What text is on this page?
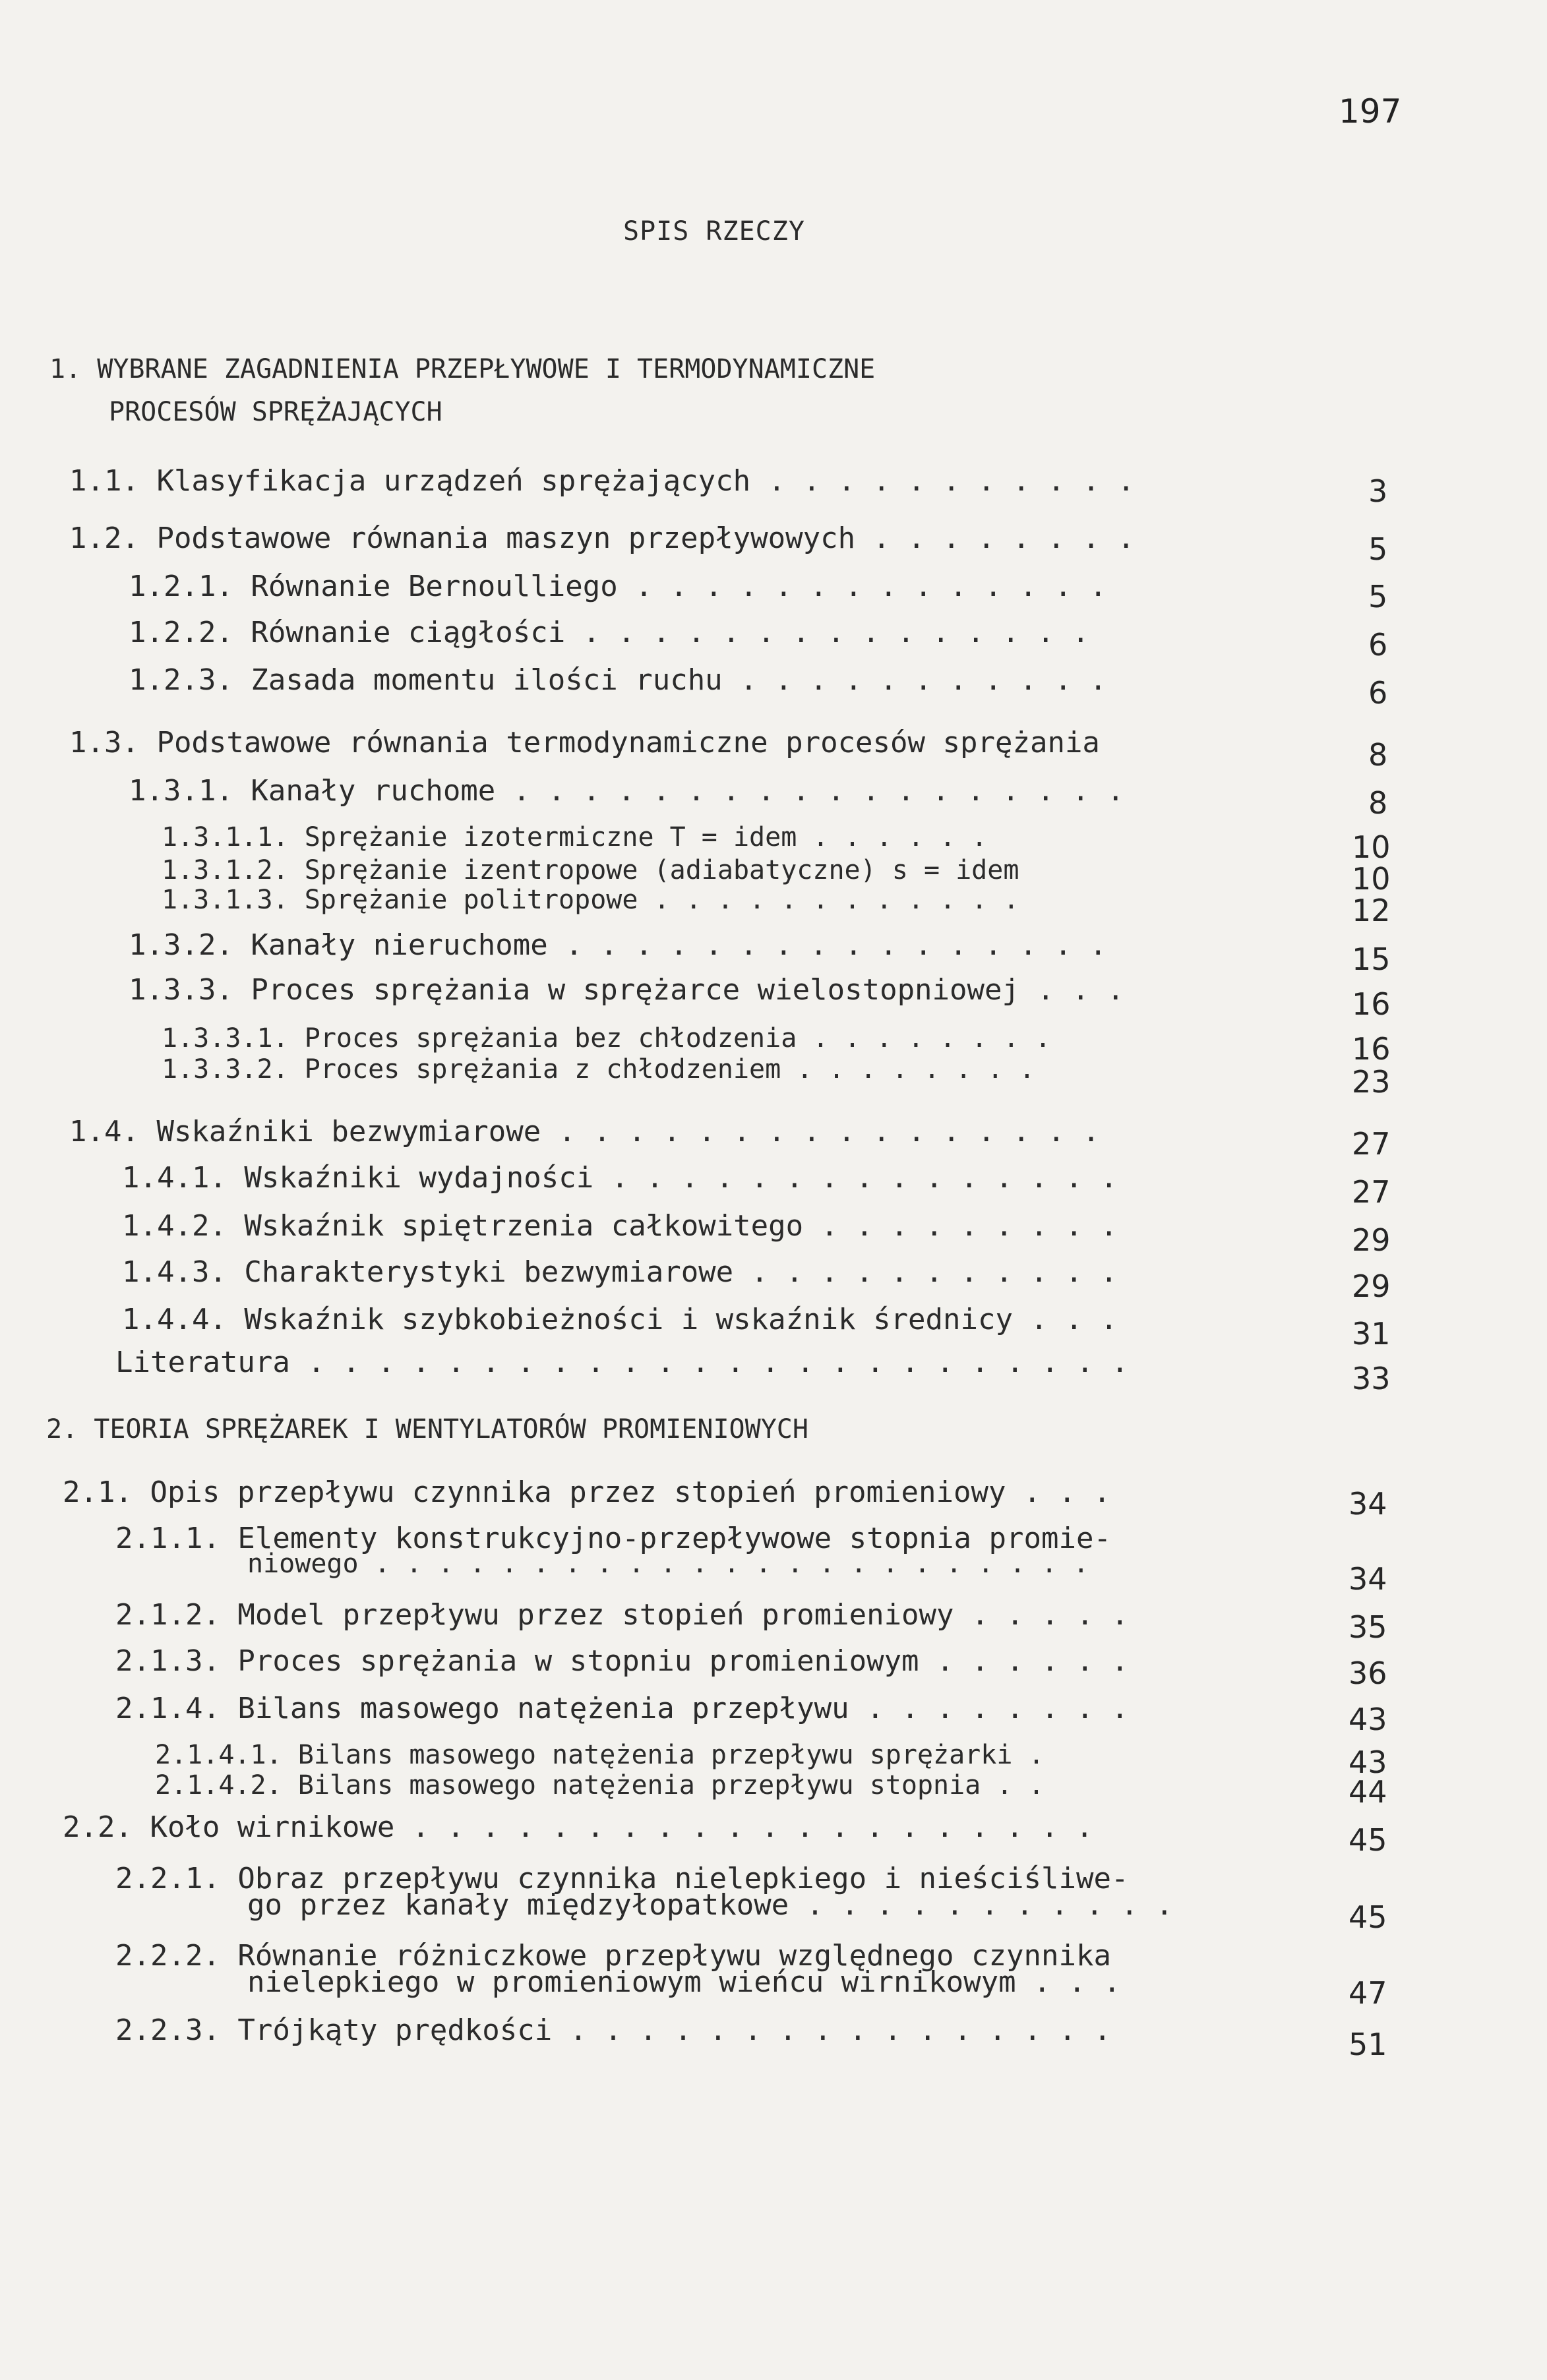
197
SPIS RZECZY
1. WYBRANE ZAGADNIENIA PRZEPŁYWOWE I TERMODYNAMICZNE
PROCESÓW SPRĘŻAJĄCYCH
1.1. Klasyfikacja urządzeń sprężających . . . . . . . . . . .	3
1.2. Podstawowe równania maszyn przepływowych . . . . . . . .	5
1.2.1. Równanie Bernoulliego . . . . . . . . . . . . . .	5
1.2.2. Równanie ciągłości . . . . . . . . . . . . . . .	6
1.2.3. Zasada momentu ilości ruchu . . . . . . . . . . .	6
1.3. Podstawowe równania termodynamiczne procesów sprężania	8
1.3.1. Kanały ruchome . . . . . . . . . . . . . . . . . .	8
1.3.1.1. Sprężanie izotermiczne T = idem . . . . . .	10
1.3.1.2. Sprężanie izentropowe (adiabatyczne) s = idem	10
1.3.1.3. Sprężanie politropowe . . . . . . . . . . . .	12
1.3.2. Kanały nieruchome . . . . . . . . . . . . . . . .	15
1.3.3. Proces sprężania w sprężarce wielostopniowej . . .	16
1.3.3.1. Proces sprężania bez chłodzenia . . . . . . . .	16
1.3.3.2. Proces sprężania z chłodzeniem . . . . . . . .	23
1.4. Wskaźniki bezwymiarowe . . . . . . . . . . . . . . . .	27
1.4.1. Wskaźniki wydajności . . . . . . . . . . . . . . .	27
1.4.2. Wskaźnik spiętrzenia całkowitego . . . . . . . . .	29
1.4.3. Charakterystyki bezwymiarowe . . . . . . . . . . .	29
1.4.4. Wskaźnik szybkobieżności i wskaźnik średnicy . . .	31
Literatura . . . . . . . . . . . . . . . . . . . . . . . .	33
2. TEORIA SPRĘŻAREK I WENTYLATORÓW PROMIENIOWYCH
2.1. Opis przepływu czynnika przez stopień promieniowy . . .	34
2.1.1. Elementy konstrukcyjno-przepływowe stopnia promie-
niowego . . . . . . . . . . . . . . . . . . . . . . .	34
2.1.2. Model przepływu przez stopień promieniowy . . . . .	35
2.1.3. Proces sprężania w stopniu promieniowym . . . . . .	36
2.1.4. Bilans masowego natężenia przepływu . . . . . . . .	43
2.1.4.1. Bilans masowego natężenia przepływu sprężarki .	43
2.1.4.2. Bilans masowego natężenia przepływu stopnia . .	44
2.2. Koło wirnikowe . . . . . . . . . . . . . . . . . . . .	45
2.2.1. Obraz przepływu czynnika nielepkiego i nieściśliwe-
go przez kanały międzyłopatkowe . . . . . . . . . . .	45
2.2.2. Równanie różniczkowe przepływu względnego czynnika
nielepkiego w promieniowym wieńcu wirnikowym . . .	47
2.2.3. Trójkąty prędkości . . . . . . . . . . . . . . . .	51
